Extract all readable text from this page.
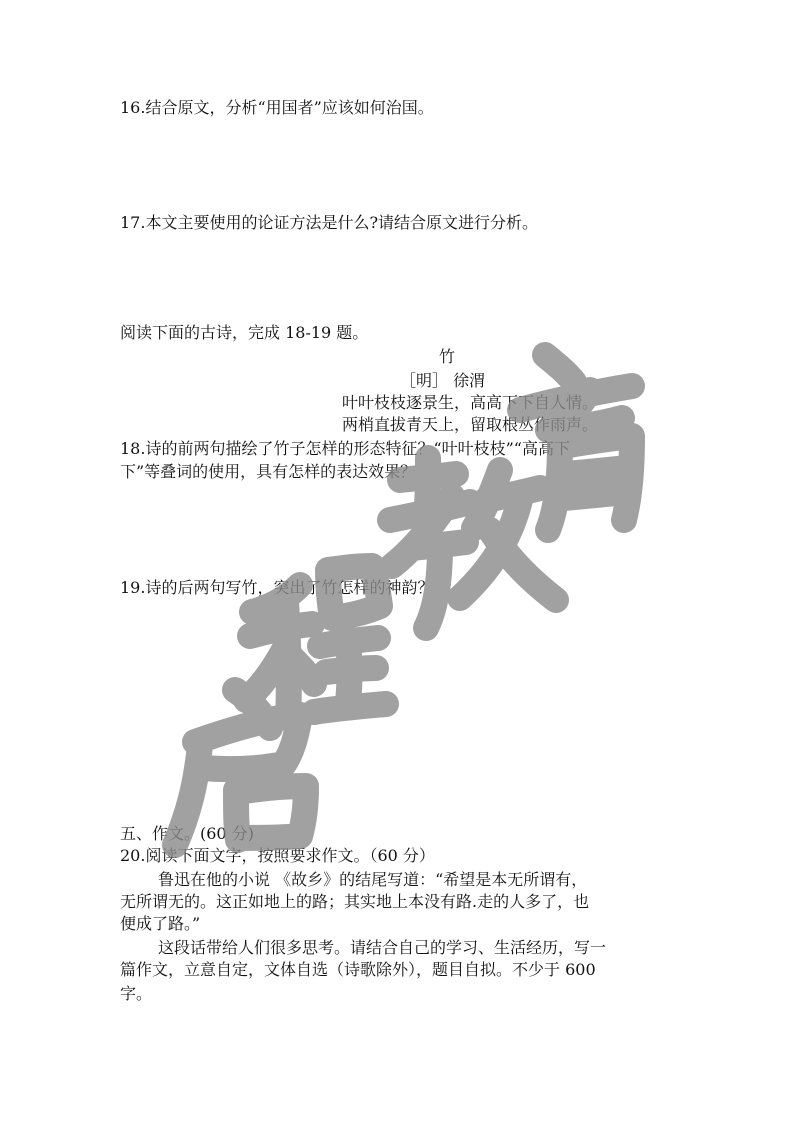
16.结合原文，分析“用国者”应该如何治国。
17.本文主要使用的论证方法是什么?请结合原文进行分析。
阅读下面的古诗，完成 18-19 题。
竹
［明］ 徐渭
叶叶枝枝逐景生，高高下下自人情。
两梢直拔青天上，留取根丛作雨声。
18.诗的前两句描绘了竹子怎样的形态特征？“叶叶枝枝”“高高下
下”等叠词的使用，具有怎样的表达效果？
19.诗的后两句写竹，突出了竹怎样的神韵？
五、作文。(60 分)
20.阅读下面文字，按照要求作文。（60 分）
鲁迅在他的小说 《故乡》的结尾写道：“希望是本无所谓有，
无所谓无的。这正如地上的路；其实地上本没有路.走的人多了，也
便成了路。”
这段话带给人们很多思考。请结合自己的学习、生活经历，写一
篇作文，立意自定，文体自选（诗歌除外），题目自拟。不少于 600
字。
